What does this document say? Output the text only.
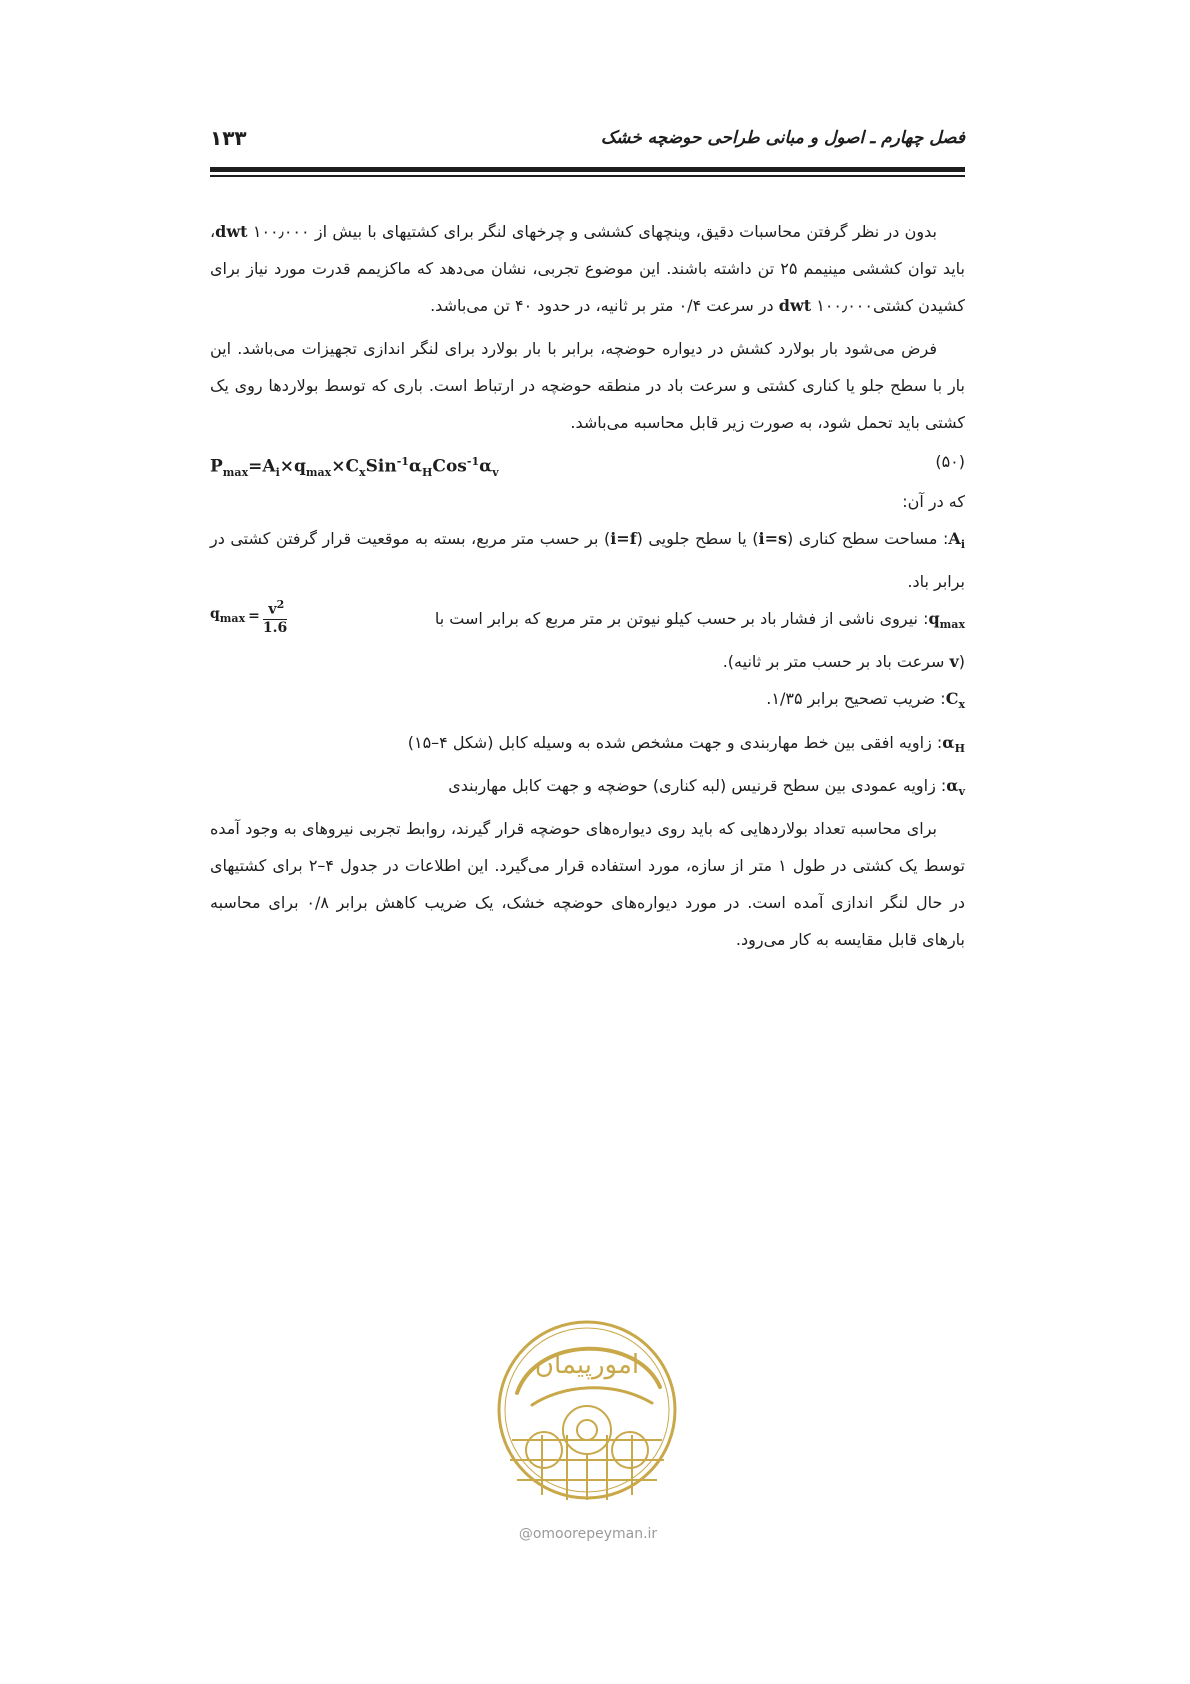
فصل چهارم ـ اصول و مبانی طراحی حوضچه خشک
۱۳۳

بدون در نظر گرفتن محاسبات دقیق، وینچهای کششی و چرخهای لنگر برای کشتیهای با بیش از ۱۰۰٫۰۰۰ dwt، باید توان کششی مینیمم ۲۵ تن داشته باشند. این موضوع تجربی، نشان می‌دهد که ماکزیمم قدرت مورد نیاز برای کشیدن کشتی۱۰۰٫۰۰۰ dwt در سرعت ۰/۴ متر بر ثانیه، در حدود ۴۰ تن می‌باشد.

فرض می‌شود بار بولارد کشش در دیواره حوضچه، برابر با بار بولارد برای لنگر اندازی تجهیزات می‌باشد. این بار با سطح جلو یا کناری کشتی و سرعت باد در منطقه حوضچه در ارتباط است. باری که توسط بولاردها روی یک کشتی باید تحمل شود، به صورت زیر قابل محاسبه می‌باشد.

(۵۰)
$P_{max}=A_i\times q_{max}\times C_xSin^{-1}\alpha_HCos^{-1}\alpha_v$

که در آن:

$A_i$: مساحت سطح کناری (i=s) یا سطح جلویی (i=f) بر حسب متر مربع، بسته به موقعیت قرار گرفتن کشتی در برابر باد.

$q_{max}$: نیروی ناشی از فشار باد بر حسب کیلو نیوتن بر متر مربع که برابر است با
$q_{max} = \frac{v^2}{1.6}$

(v سرعت باد بر حسب متر بر ثانیه).

$C_x$: ضریب تصحیح برابر ۱/۳۵.

$\alpha_H$: زاویه افقی بین خط مهاربندی و جهت مشخص شده به وسیله کابل (شکل ۴–۱۵)

$\alpha_v$: زاویه عمودی بین سطح قرنیس (لبه کناری) حوضچه و جهت کابل مهاربندی

برای محاسبه تعداد بولاردهایی که باید روی دیواره‌های حوضچه قرار گیرند، روابط تجربی نیروهای به وجود آمده توسط یک کشتی در طول ۱ متر از سازه، مورد استفاده قرار می‌گیرد. این اطلاعات در جدول ۴–۲ برای کشتیهای در حال لنگر اندازی آمده است. در مورد دیواره‌های حوضچه خشک، یک ضریب کاهش برابر ۰/۸ برای محاسبه بارهای قابل مقایسه به کار می‌رود.

امورپیمان
@omoorepeyman.ir
